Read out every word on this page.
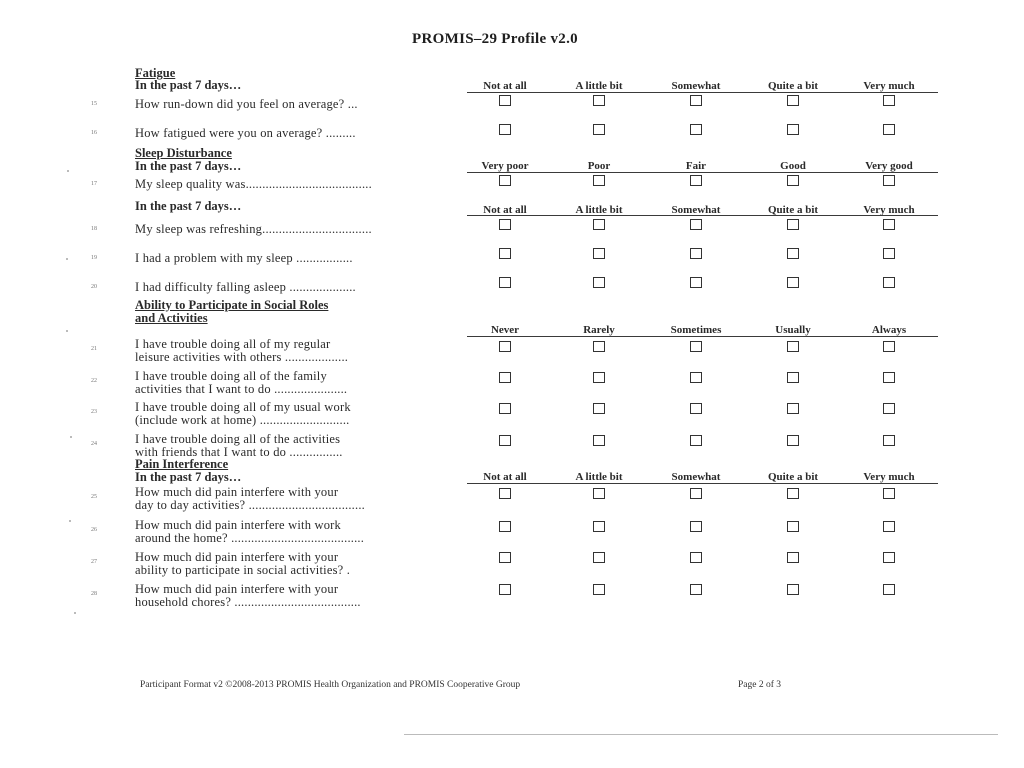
PROMIS–29 Profile v2.0
Fatigue
In the past 7 days…	Not at all	A little bit	Somewhat	Quite a bit	Very much
15	How run-down did you feel on average? ...
16	How fatigued were you on average? .........
Sleep Disturbance
In the past 7 days…	Very poor	Poor	Fair	Good	Very good
17	My sleep quality was......................................
In the past 7 days…	Not at all	A little bit	Somewhat	Quite a bit	Very much
18	My sleep was refreshing.................................
19	I had a problem with my sleep .................
20	I had difficulty falling asleep ....................
Ability to Participate in Social Roles
and Activities
Never	Rarely	Sometimes	Usually	Always
21	I have trouble doing all of my regular
leisure activities with others ...................
22	I have trouble doing all of the family
activities that I want to do ......................
23	I have trouble doing all of my usual work
(include work at home) ...........................
24	I have trouble doing all of the activities
with friends that I want to do ................
Pain Interference
In the past 7 days…	Not at all	A little bit	Somewhat	Quite a bit	Very much
25	How much did pain interfere with your
day to day activities? ...................................
26	How much did pain interfere with work
around the home? ........................................
27	How much did pain interfere with your
ability to participate in social activities? .
28	How much did pain interfere with your
household chores? ......................................
Participant Format v2 ©2008-2013 PROMIS Health Organization and PROMIS Cooperative Group	Page 2 of 3
